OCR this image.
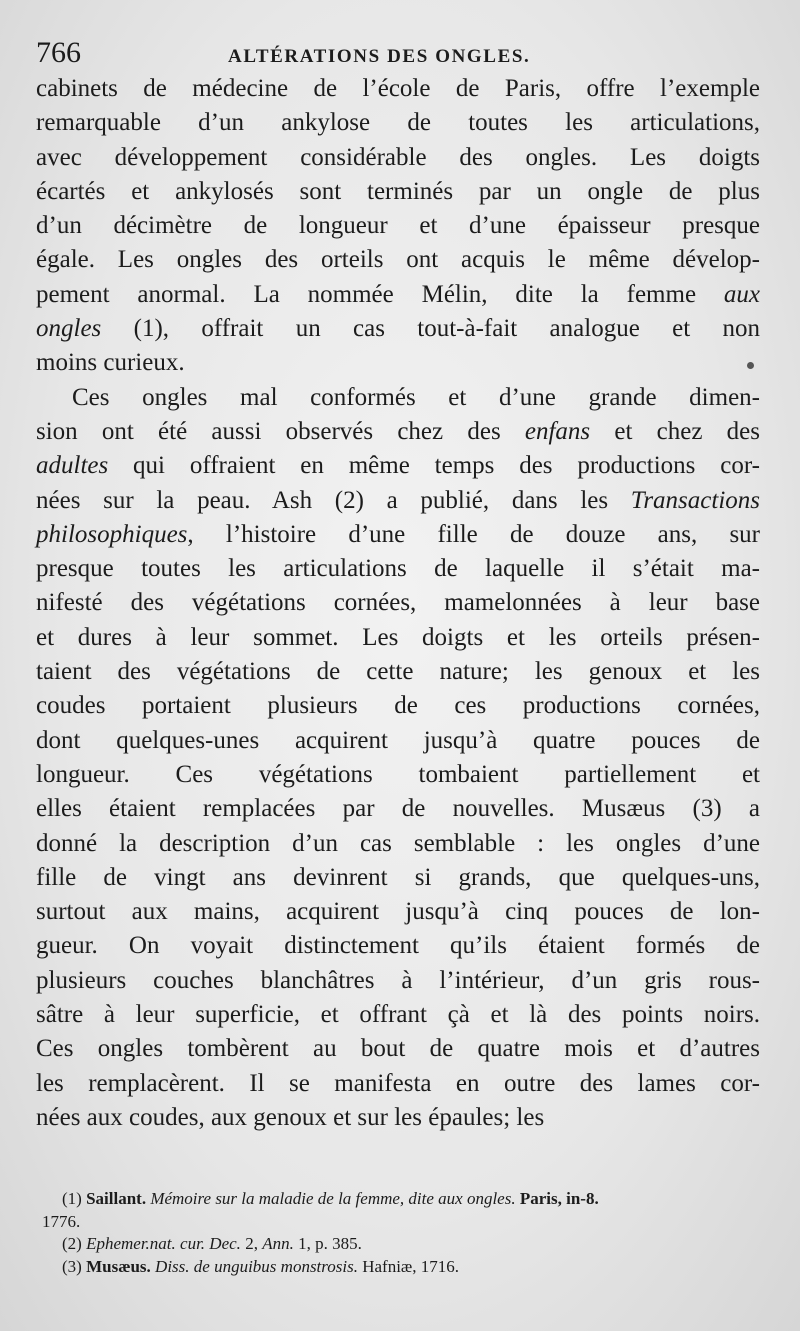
766	ALTÉRATIONS DES ONGLES.
cabinets de médecine de l’école de Paris, offre l’exemple
remarquable d’un ankylose de toutes les articulations,
avec développement considérable des ongles. Les doigts
écartés et ankylosés sont terminés par un ongle de plus
d’un décimètre de longueur et d’une épaisseur presque
égale. Les ongles des orteils ont acquis le même dévelop-
pement anormal. La nommée Mélin, dite la femme aux
ongles (1), offrait un cas tout-à-fait analogue et non
moins curieux.
Ces ongles mal conformés et d’une grande dimen-
sion ont été aussi observés chez des enfans et chez des
adultes qui offraient en même temps des productions cor-
nées sur la peau. Ash (2) a publié, dans les Transactions
philosophiques, l’histoire d’une fille de douze ans, sur
presque toutes les articulations de laquelle il s’était ma-
nifesté des végétations cornées, mamelonnées à leur base
et dures à leur sommet. Les doigts et les orteils présen-
taient des végétations de cette nature; les genoux et les
coudes portaient plusieurs de ces productions cornées,
dont quelques-unes acquirent jusqu’à quatre pouces de
longueur. Ces végétations tombaient partiellement et
elles étaient remplacées par de nouvelles. Musæus (3) a
donné la description d’un cas semblable : les ongles d’une
fille de vingt ans devinrent si grands, que quelques-uns,
surtout aux mains, acquirent jusqu’à cinq pouces de lon-
gueur. On voyait distinctement qu’ils étaient formés de
plusieurs couches blanchâtres à l’intérieur, d’un gris rous-
sâtre à leur superficie, et offrant çà et là des points noirs.
Ces ongles tombèrent au bout de quatre mois et d’autres
les remplacèrent. Il se manifesta en outre des lames cor-
nées aux coudes, aux genoux et sur les épaules; les
(1) Saillant. Mémoire sur la maladie de la femme, dite aux ongles. Paris, in-8.
1776.
(2) Ephemer.nat. cur. Dec. 2, Ann. 1, p. 385.
(3) Musæus. Diss. de unguibus monstrosis. Hafniæ, 1716.
